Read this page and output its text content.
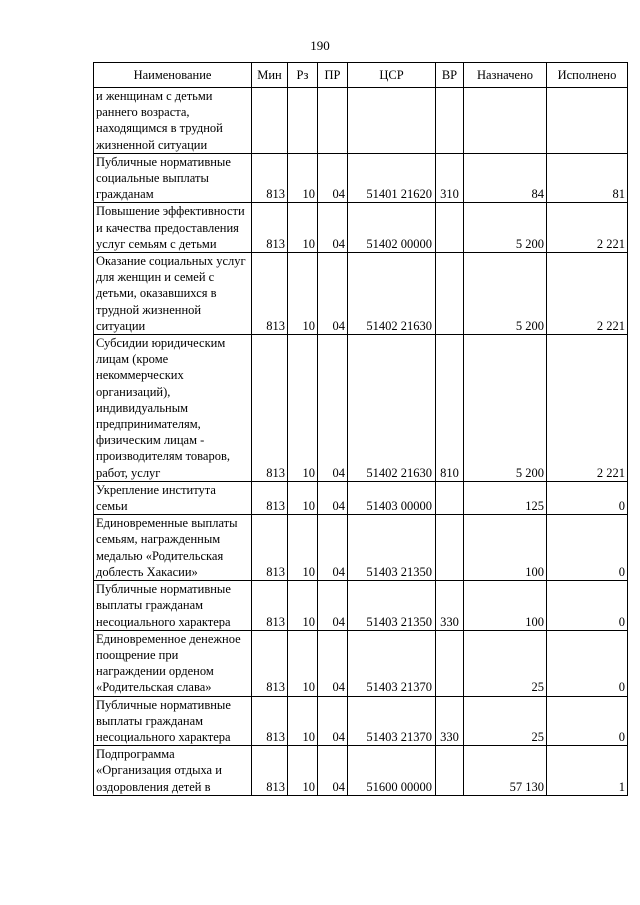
190
Наименование	Мин	Рз	ПР	ЦСР	ВР	Назначено	Исполнено
и женщинам с детьми раннего возраста, находящимся в трудной жизненной ситуации							
Публичные нормативные социальные выплаты гражданам	813	10	04	51401 21620	310	84	81
Повышение эффективности и качества предоставления услуг семьям с детьми	813	10	04	51402 00000		5 200	2 221
Оказание социальных услуг для женщин и семей с детьми, оказавшихся в трудной жизненной ситуации	813	10	04	51402 21630		5 200	2 221
Субсидии юридическим лицам (кроме некоммерческих организаций), индивидуальным предпринимателям, физическим лицам - производителям товаров, работ, услуг	813	10	04	51402 21630	810	5 200	2 221
Укрепление института семьи	813	10	04	51403 00000		125	0
Единовременные выплаты семьям, награжденным медалью «Родительская доблесть Хакасии»	813	10	04	51403 21350		100	0
Публичные нормативные выплаты гражданам несоциального характера	813	10	04	51403 21350	330	100	0
Единовременное денежное поощрение при награждении орденом «Родительская слава»	813	10	04	51403 21370		25	0
Публичные нормативные выплаты гражданам несоциального характера	813	10	04	51403 21370	330	25	0
Подпрограмма «Организация отдыха и оздоровления детей в	813	10	04	51600 00000		57 130	1
